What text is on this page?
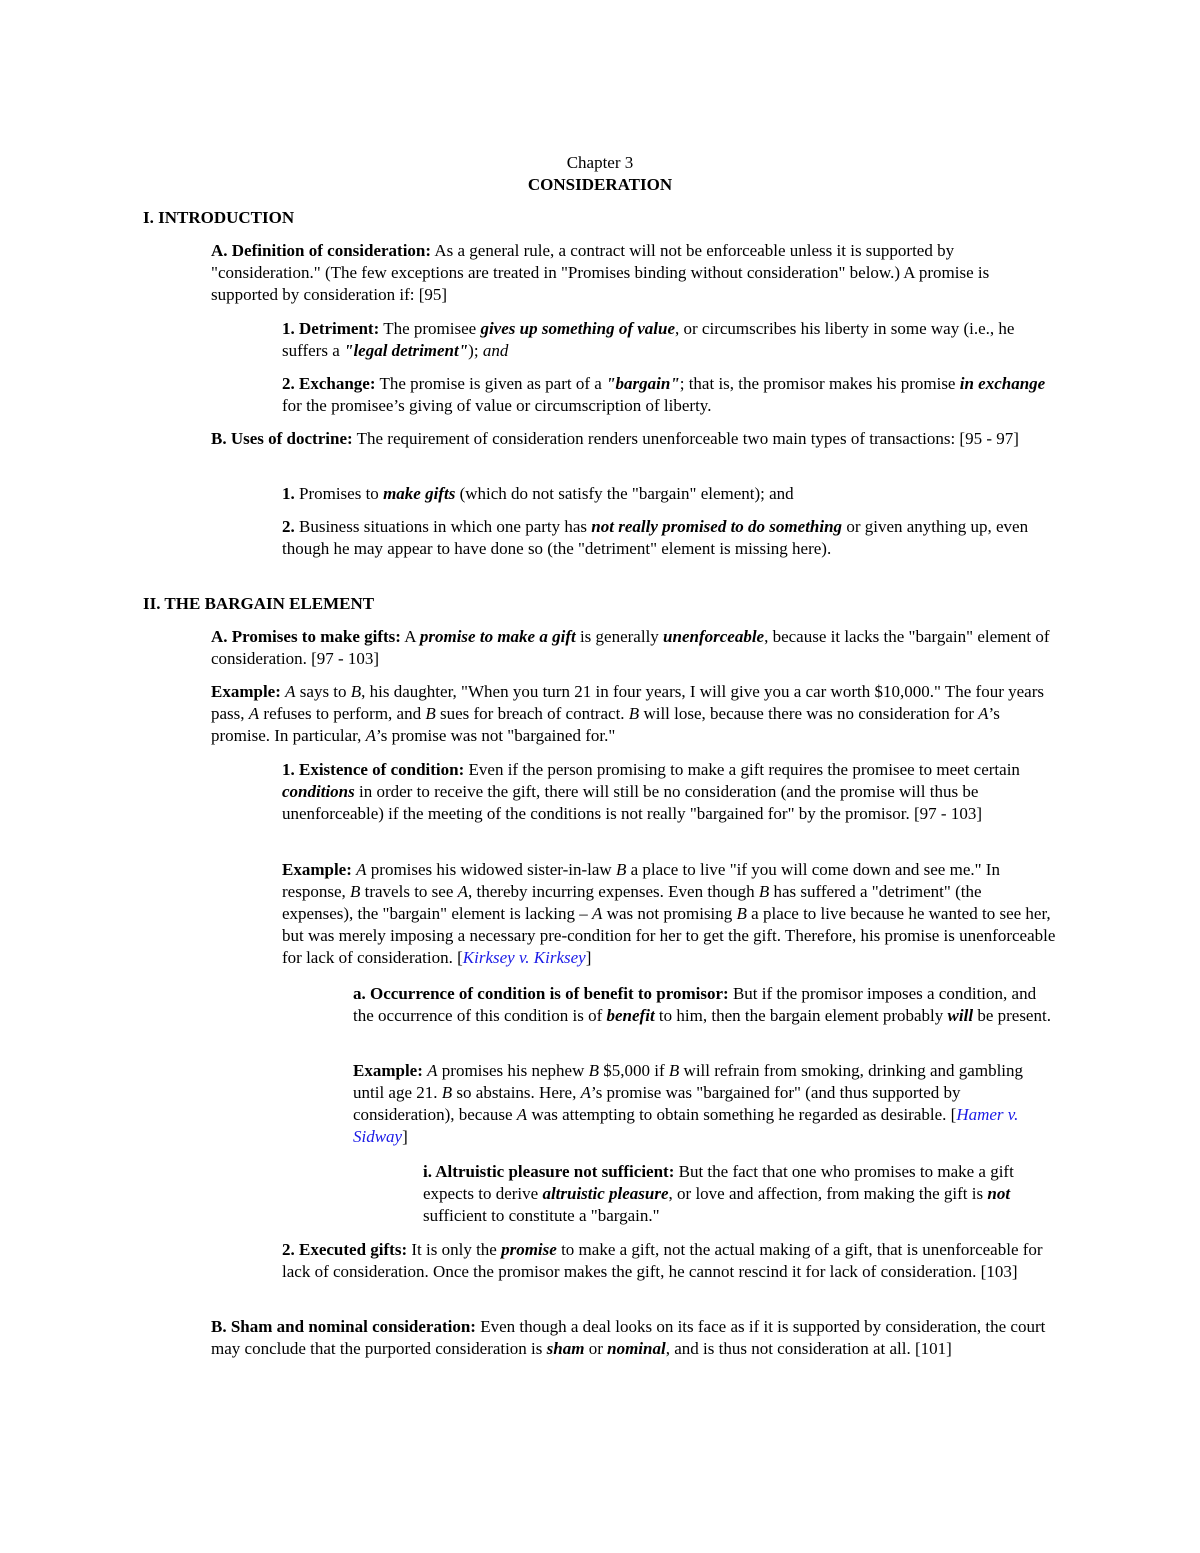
Chapter 3

CONSIDERATION

I. INTRODUCTION

A. Definition of consideration: As a general rule, a contract will not be enforceable unless it is supported by "consideration." (The few exceptions are treated in "Promises binding without consideration" below.) A promise is supported by consideration if: [95]

1. Detriment: The promisee gives up something of value, or circumscribes his liberty in some way (i.e., he suffers a "legal detriment"); and

2. Exchange: The promise is given as part of a "bargain"; that is, the promisor makes his promise in exchange for the promisee’s giving of value or circumscription of liberty.

B. Uses of doctrine: The requirement of consideration renders unenforceable two main types of transactions: [95 - 97]

1. Promises to make gifts (which do not satisfy the "bargain" element); and

2. Business situations in which one party has not really promised to do something or given anything up, even though he may appear to have done so (the "detriment" element is missing here).

II. THE BARGAIN ELEMENT

A. Promises to make gifts: A promise to make a gift is generally unenforceable, because it lacks the "bargain" element of consideration. [97 - 103]

Example: A says to B, his daughter, "When you turn 21 in four years, I will give you a car worth $10,000." The four years pass, A refuses to perform, and B sues for breach of contract. B will lose, because there was no consideration for A’s promise. In particular, A’s promise was not "bargained for."

1. Existence of condition: Even if the person promising to make a gift requires the promisee to meet certain conditions in order to receive the gift, there will still be no consideration (and the promise will thus be unenforceable) if the meeting of the conditions is not really "bargained for" by the promisor. [97 - 103]

Example: A promises his widowed sister-in-law B a place to live "if you will come down and see me." In response, B travels to see A, thereby incurring expenses. Even though B has suffered a "detriment" (the expenses), the "bargain" element is lacking – A was not promising B a place to live because he wanted to see her, but was merely imposing a necessary pre-condition for her to get the gift. Therefore, his promise is unenforceable for lack of consideration. [Kirksey v. Kirksey]

a. Occurrence of condition is of benefit to promisor: But if the promisor imposes a condition, and the occurrence of this condition is of benefit to him, then the bargain element probably will be present.

Example: A promises his nephew B $5,000 if B will refrain from smoking, drinking and gambling until age 21. B so abstains. Here, A’s promise was "bargained for" (and thus supported by consideration), because A was attempting to obtain something he regarded as desirable. [Hamer v. Sidway]

i. Altruistic pleasure not sufficient: But the fact that one who promises to make a gift expects to derive altruistic pleasure, or love and affection, from making the gift is not sufficient to constitute a "bargain."

2. Executed gifts: It is only the promise to make a gift, not the actual making of a gift, that is unenforceable for lack of consideration. Once the promisor makes the gift, he cannot rescind it for lack of consideration. [103]

B. Sham and nominal consideration: Even though a deal looks on its face as if it is supported by consideration, the court may conclude that the purported consideration is sham or nominal, and is thus not consideration at all. [101]
